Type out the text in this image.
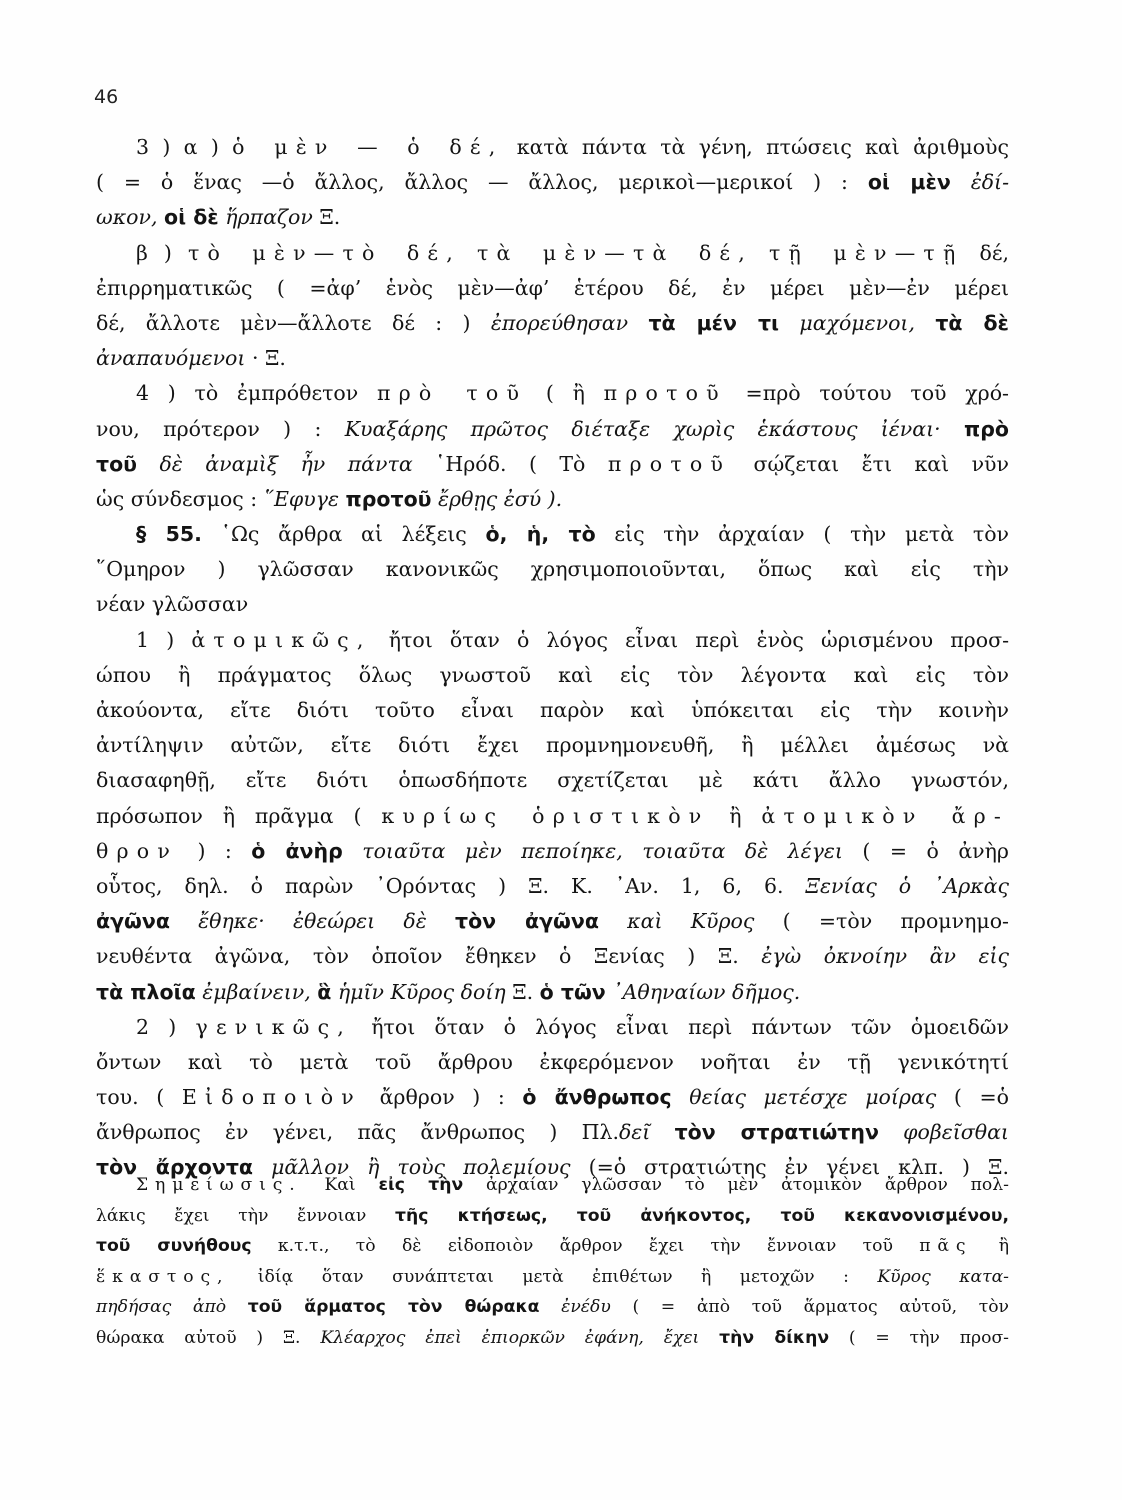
46
3 ) α ) ὁ μὲν — ὁ δέ, κατὰ πάντα τὰ γένη, πτώσεις καὶ ἀριθμοὺς
( = ὁ ἕνας —ὁ ἄλλος, ἄλλος — ἄλλος, μερικοὶ—μερικοί ) : οἱ μὲν ἐδί-
ωκον, οἱ δὲ ἥρπαζον Ξ.
β ) τὸ μὲν—τὸ δέ, τὰ μὲν—τὰ δέ, τῇ μὲν—τῇ δέ,
ἐπιρρηματικῶς ( =ἀφ’ ἑνὸς μὲν—ἀφ’ ἑτέρου δέ, ἐν μέρει μὲν—ἐν μέρει
δέ, ἄλλοτε μὲν—ἄλλοτε δέ : ) ἐπορεύθησαν τὰ μέν τι μαχόμενοι, τὰ δὲ
ἀναπαυόμενοι · Ξ.
4 ) τὸ ἐμπρόθετον πρὸ τοῦ ( ἢ προτοῦ =πρὸ τούτου τοῦ χρό-
νου, πρότερον ) : Κυαξάρης πρῶτος διέταξε χωρὶς ἑκάστους ἰέναι· πρὸ
τοῦ δὲ ἀναμὶξ ἦν πάντα ῾Ηρόδ. ( Τὸ προτοῦ σῴζεται ἔτι καὶ νῦν
ὡς σύνδεσμος : ῞Εφυγε προτοῦ ἔρθῃς ἐσύ ).
§ 55. ῾Ως ἄρθρα αἱ λέξεις ὁ, ἡ, τὸ εἰς τὴν ἀρχαίαν ( τὴν μετὰ τὸν
῞Ομηρον ) γλῶσσαν κανονικῶς χρησιμοποιοῦνται, ὅπως καὶ εἰς τὴν
νέαν γλῶσσαν
1 ) ἀτομικῶς, ἤτοι ὅταν ὁ λόγος εἶναι περὶ ἑνὸς ὡρισμένου προσ-
ώπου ἢ πράγματος ὅλως γνωστοῦ καὶ εἰς τὸν λέγοντα καὶ εἰς τὸν
ἀκούοντα, εἴτε διότι τοῦτο εἶναι παρὸν καὶ ὑπόκειται εἰς τὴν κοινὴν
ἀντίληψιν αὐτῶν, εἴτε διότι ἔχει προμνημονευθῆ, ἢ μέλλει ἀμέσως νὰ
διασαφηθῇ, εἴτε διότι ὁπωσδήποτε σχετίζεται μὲ κάτι ἄλλο γνωστόν,
πρόσωπον ἢ πρᾶγμα ( κυρίως ὁριστικὸν ἢ ἀτομικὸν ἄρ-
θρον ) : ὁ ἀνὴρ τοιαῦτα μὲν πεποίηκε, τοιαῦτα δὲ λέγει ( = ὁ ἀνὴρ
οὗτος, δηλ. ὁ παρὼν ᾿Ορόντας ) Ξ. Κ. ᾿Αν. 1, 6, 6. Ξενίας ὁ ᾿Αρκὰς
ἀγῶνα ἔθηκε· ἐθεώρει δὲ τὸν ἀγῶνα καὶ Κῦρος ( =τὸν προμνημο-
νευθέντα ἀγῶνα, τὸν ὁποῖον ἔθηκεν ὁ Ξενίας ) Ξ. ἐγὼ ὀκνοίην ἂν εἰς
τὰ πλοῖα ἐμβαίνειν, ἃ ἡμῖν Κῦρος δοίη Ξ. ὁ τῶν ᾿Αθηναίων δῆμος.
2 ) γενικῶς, ἤτοι ὅταν ὁ λόγος εἶναι περὶ πάντων τῶν ὁμοειδῶν
ὄντων καὶ τὸ μετὰ τοῦ ἄρθρου ἐκφερόμενον νοῆται ἐν τῇ γενικότητί
του. ( Εἰδοποιὸν ἄρθρον ) : ὁ ἄνθρωπος θείας μετέσχε μοίρας ( =ὁ
ἄνθρωπος ἐν γένει, πᾶς ἄνθρωπος ) Πλ.δεῖ τὸν στρατιώτην φοβεῖσθαι
τὸν ἄρχοντα μᾶλλον ἢ τοὺς πολεμίους (=ὁ στρατιώτης ἐν γένει κλπ. ) Ξ.
Σημείωσις. Καὶ εἰς τὴν ἀρχαίαν γλῶσσαν τὸ μὲν ἀτομικὸν ἄρθρον πολ-
λάκις ἔχει τὴν ἔννοιαν τῆς κτήσεως, τοῦ ἀνήκοντος, τοῦ κεκανονισμένου,
τοῦ συνήθους κ.τ.τ., τὸ δὲ εἰδοποιὸν ἄρθρον ἔχει τὴν ἔννοιαν τοῦ πᾶς ἢ
ἕκαστος, ἰδίᾳ ὅταν συνάπτεται μετὰ ἐπιθέτων ἢ μετοχῶν : Κῦρος κατα-
πηδήσας ἀπὸ τοῦ ἅρματος τὸν θώρακα ἐνέδυ ( = ἀπὸ τοῦ ἅρματος αὐτοῦ, τὸν
θώρακα αὐτοῦ ) Ξ. Κλέαρχος ἐπεὶ ἐπιορκῶν ἐφάνη, ἔχει τὴν δίκην ( = τὴν προσ-
